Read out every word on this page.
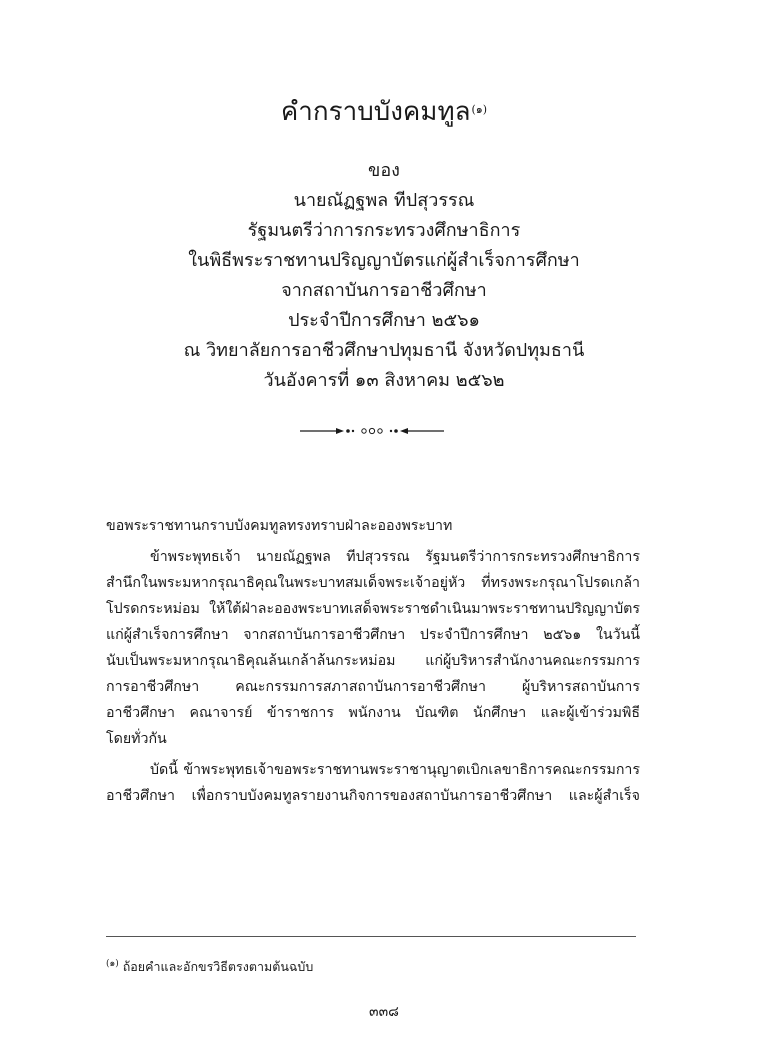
คำกราบบังคมทูล$^{(๑)}$
ของ
นายณัฏฐพล ทีปสุวรรณ
รัฐมนตรีว่าการกระทรวงศึกษาธิการ
ในพิธีพระราชทานปริญญาบัตรแก่ผู้สำเร็จการศึกษา
จากสถาบันการอาชีวศึกษา
ประจำปีการศึกษา ๒๕๖๑
ณ วิทยาลัยการอาชีวศึกษาปทุมธานี จังหวัดปทุมธานี
วันอังคารที่ ๑๓ สิงหาคม ๒๕๖๒

ขอพระราชทานกราบบังคมทูลทรงทราบฝ่าละอองพระบาท

ข้าพระพุทธเจ้า นายณัฏฐพล ทีปสุวรรณ รัฐมนตรีว่าการกระทรวงศึกษาธิการ
สำนึกในพระมหากรุณาธิคุณในพระบาทสมเด็จพระเจ้าอยู่หัว ที่ทรงพระกรุณาโปรดเกล้า
โปรดกระหม่อม ให้ใต้ฝ่าละอองพระบาทเสด็จพระราชดำเนินมาพระราชทานปริญญาบัตร
แก่ผู้สำเร็จการศึกษา จากสถาบันการอาชีวศึกษา ประจำปีการศึกษา ๒๕๖๑ ในวันนี้
นับเป็นพระมหากรุณาธิคุณล้นเกล้าล้นกระหม่อม แก่ผู้บริหารสำนักงานคณะกรรมการ
การอาชีวศึกษา คณะกรรมการสภาสถาบันการอาชีวศึกษา ผู้บริหารสถาบันการ
อาชีวศึกษา คณาจารย์ ข้าราชการ พนักงาน บัณฑิต นักศึกษา และผู้เข้าร่วมพิธี
โดยทั่วกัน

บัดนี้ ข้าพระพุทธเจ้าขอพระราชทานพระราชานุญาตเบิกเลขาธิการคณะกรรมการ
อาชีวศึกษา เพื่อกราบบังคมทูลรายงานกิจการของสถาบันการอาชีวศึกษา และผู้สำเร็จ

$^{(๑)}$ ถ้อยคำและอักขรวิธีตรงตามต้นฉบับ
๓๓๘
